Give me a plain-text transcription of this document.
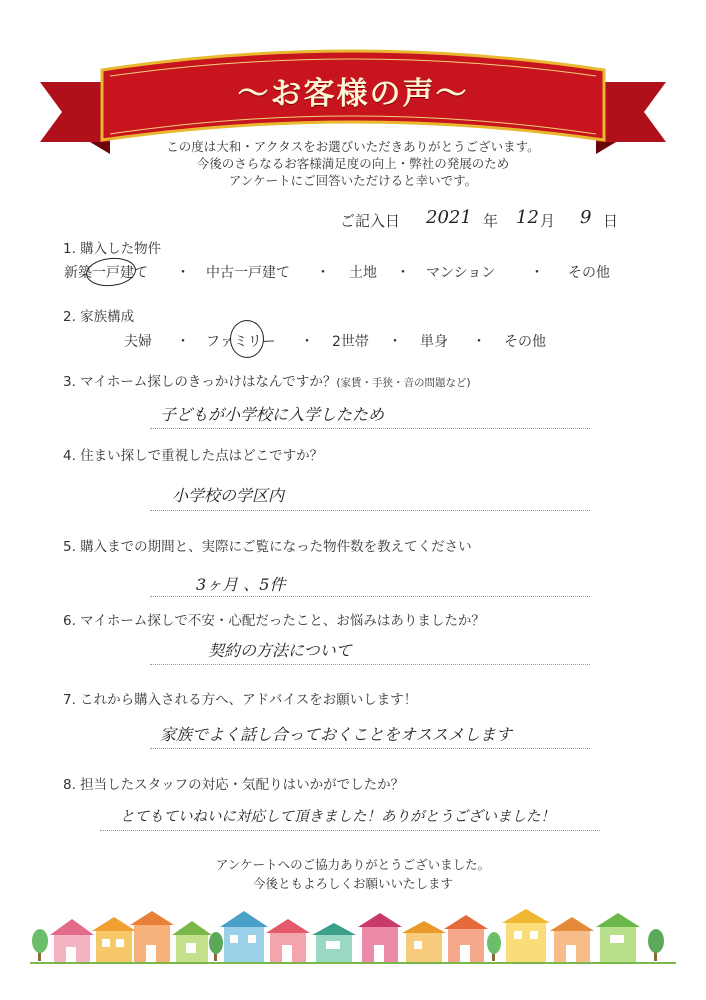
～お客様の声～
この度は大和・アクタスをお選びいただきありがとうございます。
今後のさらなるお客様満足度の向上・弊社の発展のため
アンケートにご回答いただけると幸いです。
ご記入日 2021 年 12 月 9 日
1. 購入した物件
新築一戸建て ・ 中古一戸建て ・ 土地 ・ マンション ・ その他
2. 家族構成
夫婦 ・ ファミリー ・ 2世帯 ・ 単身 ・ その他
3. マイホーム探しのきっかけはなんですか？(家賃・手狭・音の問題など)
子どもが小学校に入学したため
4. 住まい探しで重視した点はどこですか？
小学校の学区内
5. 購入までの期間と、実際にご覧になった物件数を教えてください
3ヶ月 、5件
6. マイホーム探しで不安・心配だったこと、お悩みはありましたか？
契約の方法について
7. これから購入される方へ、アドバイスをお願いします！
家族でよく話し合っておくことをオススメします
8. 担当したスタッフの対応・気配りはいかがでしたか？
とてもていねいに対応して頂きました！ありがとうございました！
アンケートへのご協力ありがとうございました。
今後ともよろしくお願いいたします
